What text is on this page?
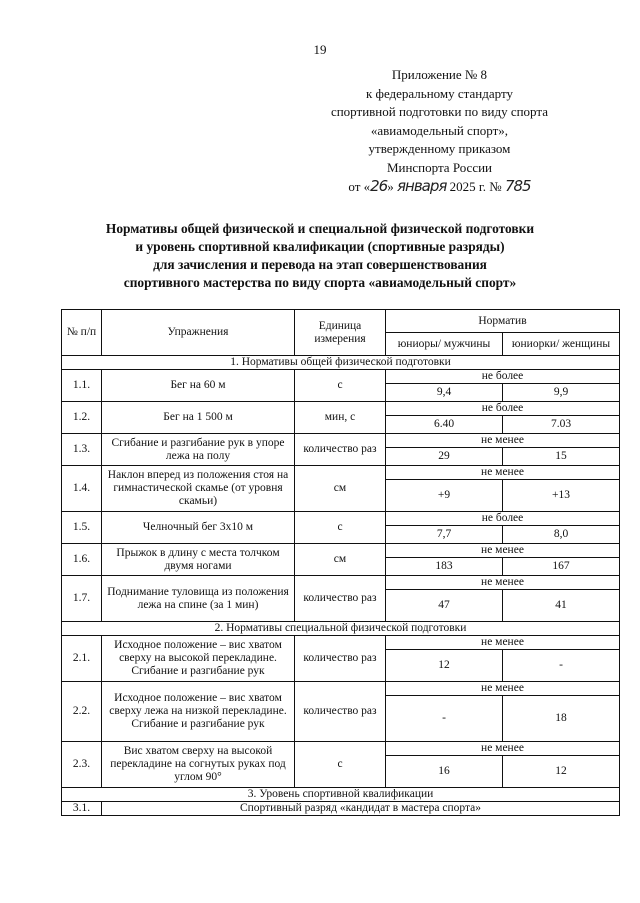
19
Приложение № 8
к федеральному стандарту
спортивной подготовки по виду спорта
«авиамодельный спорт»,
утвержденному приказом
Минспорта России
от «26» января 2025 г. № 785
Нормативы общей физической и специальной физической подготовки
и уровень спортивной квалификации (спортивные разряды)
для зачисления и перевода на этап совершенствования
спортивного мастерства по виду спорта «авиамодельный спорт»
№ п/п	Упражнения	Единица измерения	Норматив	
			юниоры/ мужчины	юниорки/ женщины
1. Нормативы общей физической подготовки				
1.1.	Бег на 60 м	с	не более	
			9,4	9,9
1.2.	Бег на 1 500 м	мин, с	не более	
			6.40	7.03
1.3.	Сгибание и разгибание рук в упоре лежа на полу	количество раз	не менее	
			29	15
1.4.	Наклон вперед из положения стоя на гимнастической скамье (от уровня скамьи)	см	не менее	
			+9	+13
1.5.	Челночный бег 3х10 м	с	не более	
			7,7	8,0
1.6.	Прыжок в длину с места толчком двумя ногами	см	не менее	
			183	167
1.7.	Поднимание туловища из положения лежа на спине (за 1 мин)	количество раз	не менее	
			47	41
2. Нормативы специальной физической подготовки				
2.1.	Исходное положение – вис хватом сверху на высокой перекладине. Сгибание и разгибание рук	количество раз	не менее	
			12	-
2.2.	Исходное положение – вис хватом сверху лежа на низкой перекладине. Сгибание и разгибание рук	количество раз	не менее	
			-	18
2.3.	Вис хватом сверху на высокой перекладине на согнутых руках под углом 90°	с	не менее	
			16	12
3. Уровень спортивной квалификации				
3.1.	Спортивный разряд «кандидат в мастера спорта»			
